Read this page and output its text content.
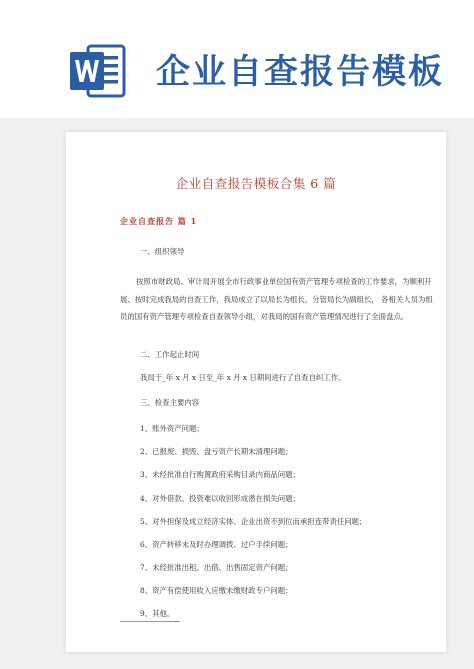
企业自查报告模板
企业自查报告模板合集 6 篇
企业自查报告 篇 1
一、组织领导
按照市财政局、审计局开展全市行政事业单位国有资产管理专项检查的工作要求，为顺利开展、按时完成我局的自查工作，我局成立了以局长为组长，分管局长为副组长， 各相关人员为组员的国有资产管理专项检查自查领导小组，对我局的国有资产管理情况进行了全面盘点。
二、工作起止时间
我局于_年 x 月 x 日至_年 x 月 x 日期间进行了自查自纠工作。
三、检查主要内容
1、账外资产问题；
2、已报废、损毁、盘亏资产长期未清理问题；
3、未经批准自行购置政府采购目录内商品问题；
4、对外借款、投资难以收回形成潜在损失问题；
5、对外担保及成立经济实体、企业出资不到位而承担连带责任问题；
6、资产转移未及时办理调拨、过户手续问题；
7、未经批准出租、出借、出售固定资产问题；
8、资产有偿使用收入应缴未缴财政专户问题；
9、其他。
